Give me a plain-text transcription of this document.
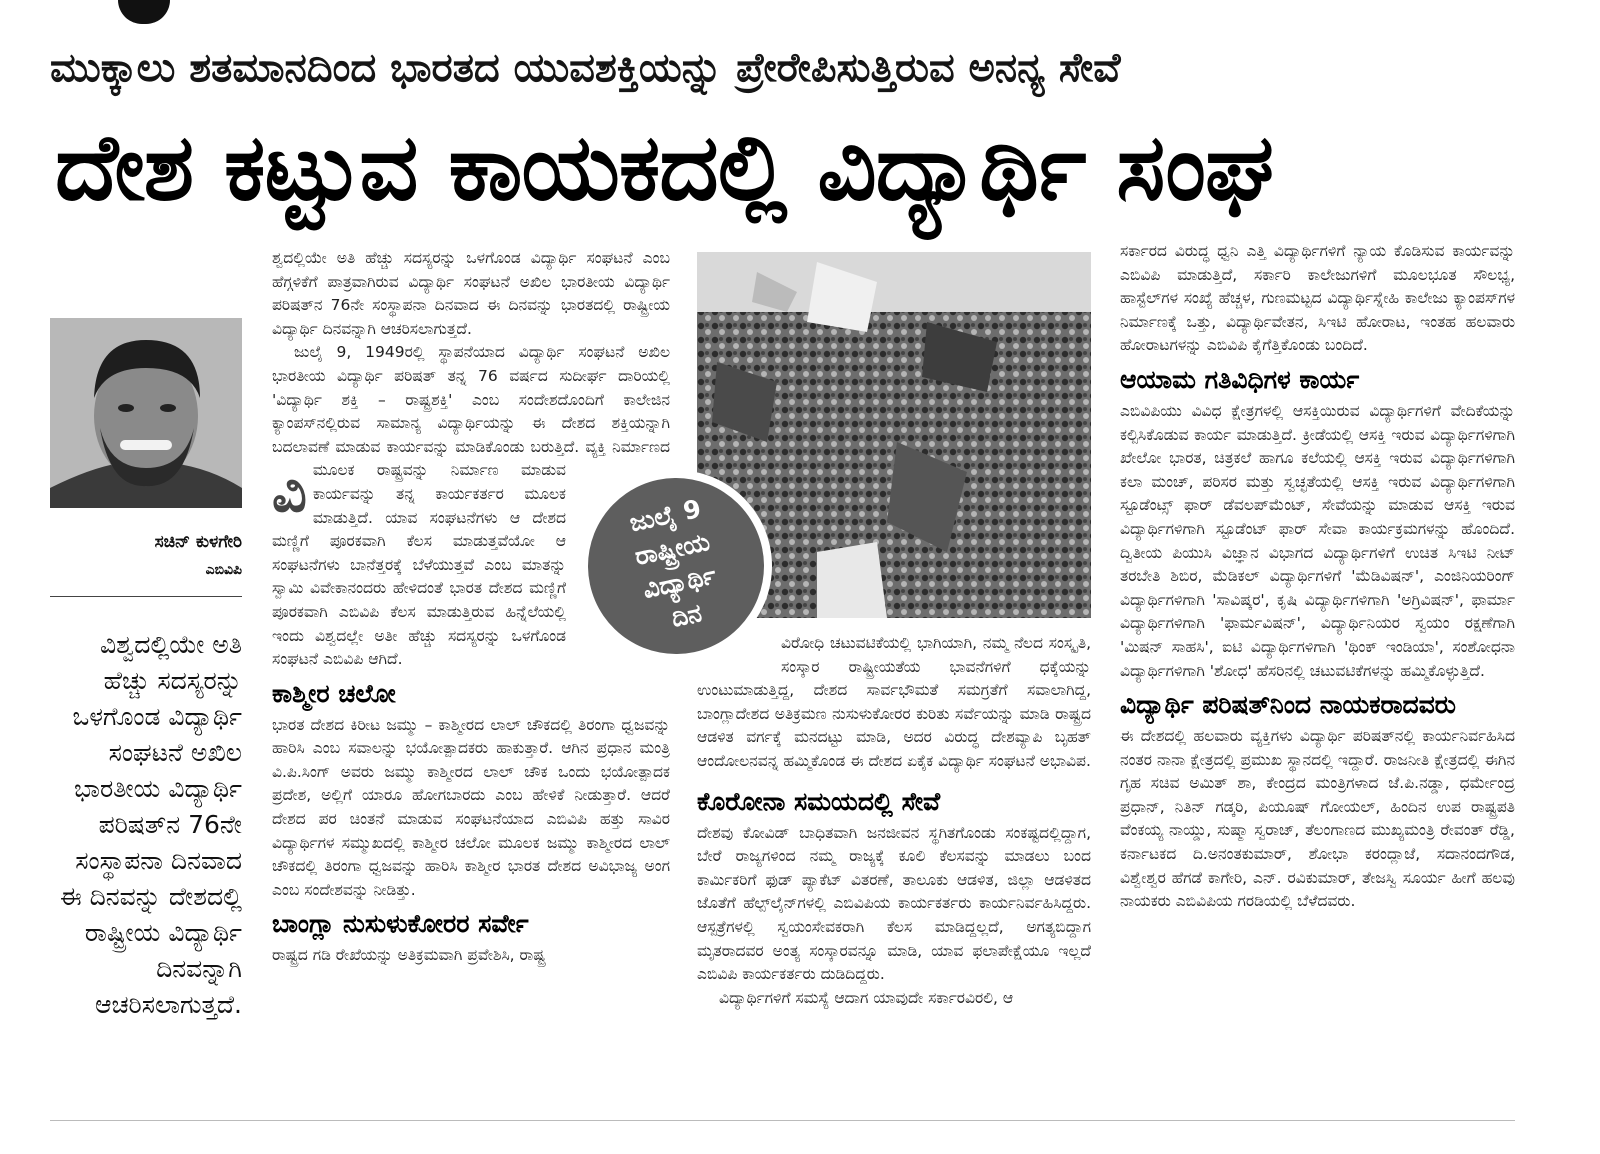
ಮುಕ್ಕಾಲು ಶತಮಾನದಿಂದ ಭಾರತದ ಯುವಶಕ್ತಿಯನ್ನು ಪ್ರೇರೇಪಿಸುತ್ತಿರುವ ಅನನ್ಯ ಸೇವೆ
ದೇಶ ಕಟ್ಟುವ ಕಾಯಕದಲ್ಲಿ ವಿದ್ಯಾರ್ಥಿ ಸಂಘ
ಸಚಿನ್ ಕುಳಗೇರಿ
ಎಬಿವಿಪಿ
ವಿಶ್ವದಲ್ಲಿಯೇ ಅತಿ ಹೆಚ್ಚು ಸದಸ್ಯರನ್ನು ಒಳಗೊಂಡ ವಿದ್ಯಾರ್ಥಿ ಸಂಘಟನೆ ಅಖಿಲ ಭಾರತೀಯ ವಿದ್ಯಾರ್ಥಿ ಪರಿಷತ್‌ನ 76ನೇ ಸಂಸ್ಥಾಪನಾ ದಿನವಾದ ಈ ದಿನವನ್ನು ದೇಶದಲ್ಲಿ ರಾಷ್ಟ್ರೀಯ ವಿದ್ಯಾರ್ಥಿ ದಿನವನ್ನಾಗಿ ಆಚರಿಸಲಾಗುತ್ತದೆ.

ವಿ
ಶ್ವದಲ್ಲಿಯೇ ಅತಿ ಹೆಚ್ಚು ಸದಸ್ಯರನ್ನು ಒಳಗೊಂಡ ವಿದ್ಯಾರ್ಥಿ ಸಂಘಟನೆ ಎಂಬ ಹೆಗ್ಗಳಿಕೆಗೆ ಪಾತ್ರವಾಗಿರುವ ವಿದ್ಯಾರ್ಥಿ ಸಂಘಟನೆ ಅಖಿಲ ಭಾರತೀಯ ವಿದ್ಯಾರ್ಥಿ ಪರಿಷತ್‌ನ 76ನೇ ಸಂಸ್ಥಾಪನಾ ದಿನವಾದ ಈ ದಿನವನ್ನು ಭಾರತದಲ್ಲಿ ರಾಷ್ಟ್ರೀಯ ವಿದ್ಯಾರ್ಥಿ ದಿನವನ್ನಾಗಿ ಆಚರಿಸಲಾಗುತ್ತದೆ.

ಜುಲೈ 9, 1949ರಲ್ಲಿ ಸ್ಥಾಪನೆಯಾದ ವಿದ್ಯಾರ್ಥಿ ಸಂಘಟನೆ ಅಖಿಲ ಭಾರತೀಯ ವಿದ್ಯಾರ್ಥಿ ಪರಿಷತ್ ತನ್ನ 76 ವರ್ಷದ ಸುದೀರ್ಘ ದಾರಿಯಲ್ಲಿ 'ವಿದ್ಯಾರ್ಥಿ ಶಕ್ತಿ – ರಾಷ್ಟ್ರಶಕ್ತಿ' ಎಂಬ ಸಂದೇಶದೊಂದಿಗೆ ಕಾಲೇಜಿನ ಕ್ಯಾಂಪಸ್‌ನಲ್ಲಿರುವ ಸಾಮಾನ್ಯ ವಿದ್ಯಾರ್ಥಿಯನ್ನು ಈ ದೇಶದ ಶಕ್ತಿಯನ್ನಾಗಿ ಬದಲಾವಣೆ ಮಾಡುವ ಕಾರ್ಯವನ್ನು ಮಾಡಿಕೊಂಡು ಬರುತ್ತಿದೆ. ವ್ಯಕ್ತಿ ನಿರ್ಮಾಣದ ಮೂಲಕ ರಾಷ್ಟ್ರವನ್ನು ನಿರ್ಮಾಣ ಮಾಡುವ ಕಾರ್ಯವನ್ನು ತನ್ನ ಕಾರ್ಯಕರ್ತರ ಮೂಲಕ ಮಾಡುತ್ತಿದೆ. ಯಾವ ಸಂಘಟನೆಗಳು ಆ ದೇಶದ ಮಣ್ಣಿಗೆ ಪೂರಕವಾಗಿ ಕೆಲಸ ಮಾಡುತ್ತವೆಯೋ ಆ ಸಂಘಟನೆಗಳು ಬಾನೆತ್ತರಕ್ಕೆ ಬೆಳೆಯುತ್ತವೆ ಎಂಬ ಮಾತನ್ನು ಸ್ವಾಮಿ ವಿವೇಕಾನಂದರು ಹೇಳಿದಂತೆ ಭಾರತ ದೇಶದ ಮಣ್ಣಿಗೆ ಪೂರಕವಾಗಿ ಎಬಿವಿಪಿ ಕೆಲಸ ಮಾಡುತ್ತಿರುವ ಹಿನ್ನೆಲೆಯಲ್ಲಿ ಇಂದು ವಿಶ್ವದಲ್ಲೇ ಅತೀ ಹೆಚ್ಚು ಸದಸ್ಯರನ್ನು ಒಳಗೊಂಡ ಸಂಘಟನೆ ಎಬಿವಿಪಿ ಆಗಿದೆ.

ಕಾಶ್ಮೀರ ಚಲೋ

ಭಾರತ ದೇಶದ ಕಿರೀಟ ಜಮ್ಮು – ಕಾಶ್ಮೀರದ ಲಾಲ್ ಚೌಕದಲ್ಲಿ ತಿರಂಗಾ ಧ್ವಜವನ್ನು ಹಾರಿಸಿ ಎಂಬ ಸವಾಲನ್ನು ಭಯೋತ್ಪಾದಕರು ಹಾಕುತ್ತಾರೆ. ಆಗಿನ ಪ್ರಧಾನ ಮಂತ್ರಿ ವಿ.ಪಿ.ಸಿಂಗ್ ಅವರು ಜಮ್ಮು ಕಾಶ್ಮೀರದ ಲಾಲ್ ಚೌಕ ಒಂದು ಭಯೋತ್ಪಾದಕ ಪ್ರದೇಶ, ಅಲ್ಲಿಗೆ ಯಾರೂ ಹೋಗಬಾರದು ಎಂಬ ಹೇಳಿಕೆ ನೀಡುತ್ತಾರೆ. ಆದರೆ ದೇಶದ ಪರ ಚಿಂತನೆ ಮಾಡುವ ಸಂಘಟನೆಯಾದ ಎಬಿವಿಪಿ ಹತ್ತು ಸಾವಿರ ವಿದ್ಯಾರ್ಥಿಗಳ ಸಮ್ಮುಖದಲ್ಲಿ ಕಾಶ್ಮೀರ ಚಲೋ ಮೂಲಕ ಜಮ್ಮು ಕಾಶ್ಮೀರದ ಲಾಲ್ ಚೌಕದಲ್ಲಿ ತಿರಂಗಾ ಧ್ವಜವನ್ನು ಹಾರಿಸಿ ಕಾಶ್ಮೀರ ಭಾರತ ದೇಶದ ಅವಿಭಾಜ್ಯ ಅಂಗ ಎಂಬ ಸಂದೇಶವನ್ನು ನೀಡಿತ್ತು.

ಬಾಂಗ್ಲಾ ನುಸುಳುಕೋರರ ಸರ್ವೇ

ರಾಷ್ಟ್ರದ ಗಡಿ ರೇಖೆಯನ್ನು ಅತಿಕ್ರಮವಾಗಿ ಪ್ರವೇಶಿಸಿ, ರಾಷ್ಟ್ರ

ಜುಲೈ 9
ರಾಷ್ಟ್ರೀಯ
ವಿದ್ಯಾರ್ಥಿ
ದಿನ

ವಿರೋಧಿ ಚಟುವಟಿಕೆಯಲ್ಲಿ ಭಾಗಿಯಾಗಿ, ನಮ್ಮ ನೆಲದ ಸಂಸ್ಕೃತಿ, ಸಂಸ್ಕಾರ ರಾಷ್ಟ್ರೀಯತೆಯ ಭಾವನೆಗಳಿಗೆ ಧಕ್ಕೆಯನ್ನು ಉಂಟುಮಾಡುತ್ತಿದ್ದ, ದೇಶದ ಸಾರ್ವಭೌಮತೆ ಸಮಗ್ರತೆಗೆ ಸವಾಲಾಗಿದ್ದ, ಬಾಂಗ್ಲಾದೇಶದ ಅತಿಕ್ರಮಣ ನುಸುಳುಕೋರರ ಕುರಿತು ಸರ್ವೆಯನ್ನು ಮಾಡಿ ರಾಷ್ಟ್ರದ ಆಡಳಿತ ವರ್ಗಕ್ಕೆ ಮನದಟ್ಟು ಮಾಡಿ, ಅದರ ವಿರುದ್ಧ ದೇಶವ್ಯಾಪಿ ಬೃಹತ್ ಆಂದೋಲನವನ್ನ ಹಮ್ಮಿಕೊಂಡ ಈ ದೇಶದ ಏಕೈಕ ವಿದ್ಯಾರ್ಥಿ ಸಂಘಟನೆ ಅಭಾವಿಪ.

ಕೊರೋನಾ ಸಮಯದಲ್ಲಿ ಸೇವೆ

ದೇಶವು ಕೋವಿಡ್ ಬಾಧಿತವಾಗಿ ಜನಜೀವನ ಸ್ಥಗಿತಗೊಂಡು ಸಂಕಷ್ಟದಲ್ಲಿದ್ದಾಗ, ಬೇರೆ ರಾಜ್ಯಗಳಿಂದ ನಮ್ಮ ರಾಜ್ಯಕ್ಕೆ ಕೂಲಿ ಕೆಲಸವನ್ನು ಮಾಡಲು ಬಂದ ಕಾರ್ಮಿಕರಿಗೆ ಫುಡ್ ಪ್ಯಾಕೆಟ್ ವಿತರಣೆ, ತಾಲೂಕು ಆಡಳಿತ, ಜಿಲ್ಲಾ ಆಡಳಿತದ ಜೊತೆಗೆ ಹೆಲ್ಪ್‌ಲೈನ್‌ಗಳಲ್ಲಿ ಎಬಿವಿಪಿಯ ಕಾರ್ಯಕರ್ತರು ಕಾರ್ಯನಿರ್ವಹಿಸಿದ್ದರು. ಆಸ್ಪತ್ರೆಗಳಲ್ಲಿ ಸ್ವಯಂಸೇವಕರಾಗಿ ಕೆಲಸ ಮಾಡಿದ್ದಲ್ಲದೆ, ಅಗತ್ಯಬಿದ್ದಾಗ ಮೃತರಾದವರ ಅಂತ್ಯ ಸಂಸ್ಕಾರವನ್ನೂ ಮಾಡಿ, ಯಾವ ಫಲಾಪೇಕ್ಷೆಯೂ ಇಲ್ಲದೆ ಎಬಿವಿಪಿ ಕಾರ್ಯಕರ್ತರು ದುಡಿದಿದ್ದರು.

ವಿದ್ಯಾರ್ಥಿಗಳಿಗೆ ಸಮಸ್ಯೆ ಆದಾಗ ಯಾವುದೇ ಸರ್ಕಾರವಿರಲಿ, ಆ

ಸರ್ಕಾರದ ವಿರುದ್ಧ ಧ್ವನಿ ಎತ್ತಿ ವಿದ್ಯಾರ್ಥಿಗಳಿಗೆ ನ್ಯಾಯ ಕೊಡಿಸುವ ಕಾರ್ಯವನ್ನು ಎಬಿವಿಪಿ ಮಾಡುತ್ತಿದೆ, ಸರ್ಕಾರಿ ಕಾಲೇಜುಗಳಿಗೆ ಮೂಲಭೂತ ಸೌಲಭ್ಯ, ಹಾಸ್ಟೆಲ್‌ಗಳ ಸಂಖ್ಯೆ ಹೆಚ್ಚಳ, ಗುಣಮಟ್ಟದ ವಿದ್ಯಾರ್ಥಿಸ್ನೇಹಿ ಕಾಲೇಜು ಕ್ಯಾಂಪಸ್‌ಗಳ ನಿರ್ಮಾಣಕ್ಕೆ ಒತ್ತು, ವಿದ್ಯಾರ್ಥಿವೇತನ, ಸಿಇಟಿ ಹೋರಾಟ, ಇಂತಹ ಹಲವಾರು ಹೋರಾಟಗಳನ್ನು ಎಬಿವಿಪಿ ಕೈಗೆತ್ತಿಕೊಂಡು ಬಂದಿದೆ.

ಆಯಾಮ ಗತಿವಿಧಿಗಳ ಕಾರ್ಯ

ಎಬಿವಿಪಿಯು ವಿವಿಧ ಕ್ಷೇತ್ರಗಳಲ್ಲಿ ಆಸಕ್ತಿಯಿರುವ ವಿದ್ಯಾರ್ಥಿಗಳಿಗೆ ವೇದಿಕೆಯನ್ನು ಕಲ್ಪಿಸಿಕೊಡುವ ಕಾರ್ಯ ಮಾಡುತ್ತಿದೆ. ಕ್ರೀಡೆಯಲ್ಲಿ ಆಸಕ್ತಿ ಇರುವ ವಿದ್ಯಾರ್ಥಿಗಳಿಗಾಗಿ ಖೇಲೋ ಭಾರತ, ಚಿತ್ರಕಲೆ ಹಾಗೂ ಕಲೆಯಲ್ಲಿ ಆಸಕ್ತಿ ಇರುವ ವಿದ್ಯಾರ್ಥಿಗಳಿಗಾಗಿ ಕಲಾ ಮಂಚ್, ಪರಿಸರ ಮತ್ತು ಸ್ವಚ್ಛತೆಯಲ್ಲಿ ಆಸಕ್ತಿ ಇರುವ ವಿದ್ಯಾರ್ಥಿಗಳಿಗಾಗಿ ಸ್ಟೂಡೆಂಟ್ಸ್ ಫಾರ್ ಡೆವಲಪ್‌ಮೆಂಟ್, ಸೇವೆಯನ್ನು ಮಾಡುವ ಆಸಕ್ತಿ ಇರುವ ವಿದ್ಯಾರ್ಥಿಗಳಿಗಾಗಿ ಸ್ಟೂಡೆಂಟ್ ಫಾರ್ ಸೇವಾ ಕಾರ್ಯಕ್ರಮಗಳನ್ನು ಹೊಂದಿದೆ. ದ್ವಿತೀಯ ಪಿಯುಸಿ ವಿಜ್ಞಾನ ವಿಭಾಗದ ವಿದ್ಯಾರ್ಥಿಗಳಿಗೆ ಉಚಿತ ಸಿಇಟಿ ನೀಟ್ ತರಬೇತಿ ಶಿಬಿರ, ಮೆಡಿಕಲ್ ವಿದ್ಯಾರ್ಥಿಗಳಿಗೆ 'ಮೆಡಿವಿಷನ್', ಎಂಜಿನಿಯರಿಂಗ್ ವಿದ್ಯಾರ್ಥಿಗಳಿಗಾಗಿ 'ಸಾವಿಷ್ಕರ', ಕೃಷಿ ವಿದ್ಯಾರ್ಥಿಗಳಿಗಾಗಿ 'ಅಗ್ರಿವಿಷನ್', ಫಾರ್ಮಾ ವಿದ್ಯಾರ್ಥಿಗಳಿಗಾಗಿ 'ಫಾರ್ಮವಿಷನ್', ವಿದ್ಯಾರ್ಥಿನಿಯರ ಸ್ವಯಂ ರಕ್ಷಣೆಗಾಗಿ 'ಮಿಷನ್ ಸಾಹಸಿ', ಐಟಿ ವಿದ್ಯಾರ್ಥಿಗಳಿಗಾಗಿ 'ಥಿಂಕ್ ಇಂಡಿಯಾ', ಸಂಶೋಧನಾ ವಿದ್ಯಾರ್ಥಿಗಳಿಗಾಗಿ 'ಶೋಧ' ಹೆಸರಿನಲ್ಲಿ ಚಟುವಟಿಕೆಗಳನ್ನು ಹಮ್ಮಿಕೊಳ್ಳುತ್ತಿದೆ.

ವಿದ್ಯಾರ್ಥಿ ಪರಿಷತ್‌ನಿಂದ ನಾಯಕರಾದವರು

ಈ ದೇಶದಲ್ಲಿ ಹಲವಾರು ವ್ಯಕ್ತಿಗಳು ವಿದ್ಯಾರ್ಥಿ ಪರಿಷತ್‌ನಲ್ಲಿ ಕಾರ್ಯನಿರ್ವಹಿಸಿದ ನಂತರ ನಾನಾ ಕ್ಷೇತ್ರದಲ್ಲಿ ಪ್ರಮುಖ ಸ್ಥಾನದಲ್ಲಿ ಇದ್ದಾರೆ. ರಾಜನೀತಿ ಕ್ಷೇತ್ರದಲ್ಲಿ ಈಗಿನ ಗೃಹ ಸಚಿವ ಅಮಿತ್ ಶಾ, ಕೇಂದ್ರದ ಮಂತ್ರಿಗಳಾದ ಜೆ.ಪಿ.ನಡ್ಡಾ, ಧರ್ಮೇಂದ್ರ ಪ್ರಧಾನ್, ನಿತಿನ್ ಗಡ್ಕರಿ, ಪಿಯೂಷ್ ಗೋಯಲ್, ಹಿಂದಿನ ಉಪ ರಾಷ್ಟ್ರಪತಿ ವೆಂಕಯ್ಯ ನಾಯ್ಡು, ಸುಷ್ಮಾ ಸ್ವರಾಜ್, ತೆಲಂಗಾಣದ ಮುಖ್ಯಮಂತ್ರಿ ರೇವಂತ್ ರೆಡ್ಡಿ, ಕರ್ನಾಟಕದ ದಿ.ಅನಂತಕುಮಾರ್, ಶೋಭಾ ಕರಂದ್ಲಾಜೆ, ಸದಾನಂದಗೌಡ, ವಿಶ್ವೇಶ್ವರ ಹೆಗಡೆ ಕಾಗೇರಿ, ಎನ್. ರವಿಕುಮಾರ್, ತೇಜಸ್ವಿ ಸೂರ್ಯ ಹೀಗೆ ಹಲವು ನಾಯಕರು ಎಬಿವಿಪಿಯ ಗರಡಿಯಲ್ಲಿ ಬೆಳೆದವರು.
